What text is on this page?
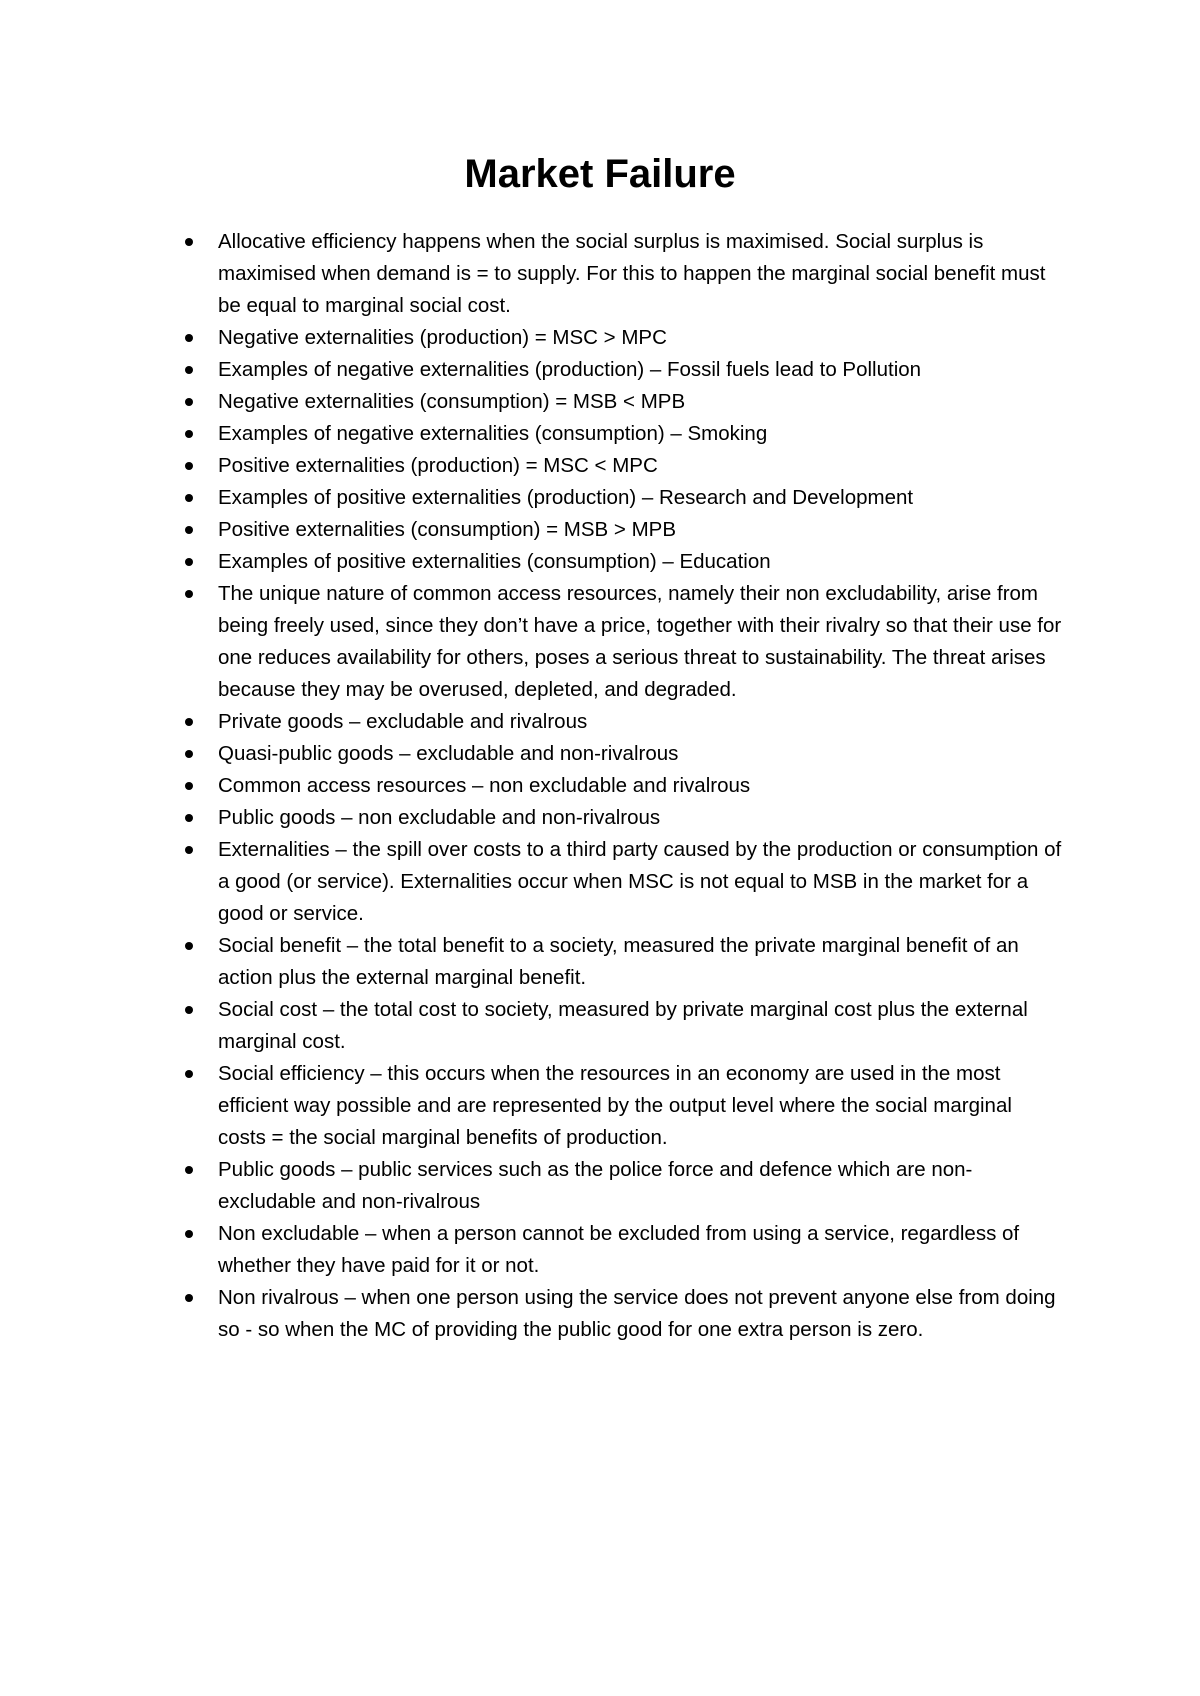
Market Failure
Allocative efficiency happens when the social surplus is maximised. Social surplus is maximised when demand is = to supply. For this to happen the marginal social benefit must be equal to marginal social cost.
Negative externalities (production) = MSC > MPC
Examples of negative externalities (production) – Fossil fuels lead to Pollution
Negative externalities (consumption) = MSB < MPB
Examples of negative externalities (consumption) – Smoking
Positive externalities (production) = MSC < MPC
Examples of positive externalities (production) – Research and Development
Positive externalities (consumption) = MSB > MPB
Examples of positive externalities (consumption) – Education
The unique nature of common access resources, namely their non excludability, arise from being freely used, since they don’t have a price, together with their rivalry so that their use for one reduces availability for others, poses a serious threat to sustainability. The threat arises because they may be overused, depleted, and degraded.
Private goods – excludable and rivalrous
Quasi-public goods – excludable and non-rivalrous
Common access resources – non excludable and rivalrous
Public goods – non excludable and non-rivalrous
Externalities – the spill over costs to a third party caused by the production or consumption of a good (or service). Externalities occur when MSC is not equal to MSB in the market for a good or service.
Social benefit – the total benefit to a society, measured the private marginal benefit of an action plus the external marginal benefit.
Social cost – the total cost to society, measured by private marginal cost plus the external marginal cost.
Social efficiency – this occurs when the resources in an economy are used in the most efficient way possible and are represented by the output level where the social marginal costs = the social marginal benefits of production.
Public goods – public services such as the police force and defence which are non-excludable and non-rivalrous
Non excludable – when a person cannot be excluded from using a service, regardless of whether they have paid for it or not.
Non rivalrous – when one person using the service does not prevent anyone else from doing so - so when the MC of providing the public good for one extra person is zero.
